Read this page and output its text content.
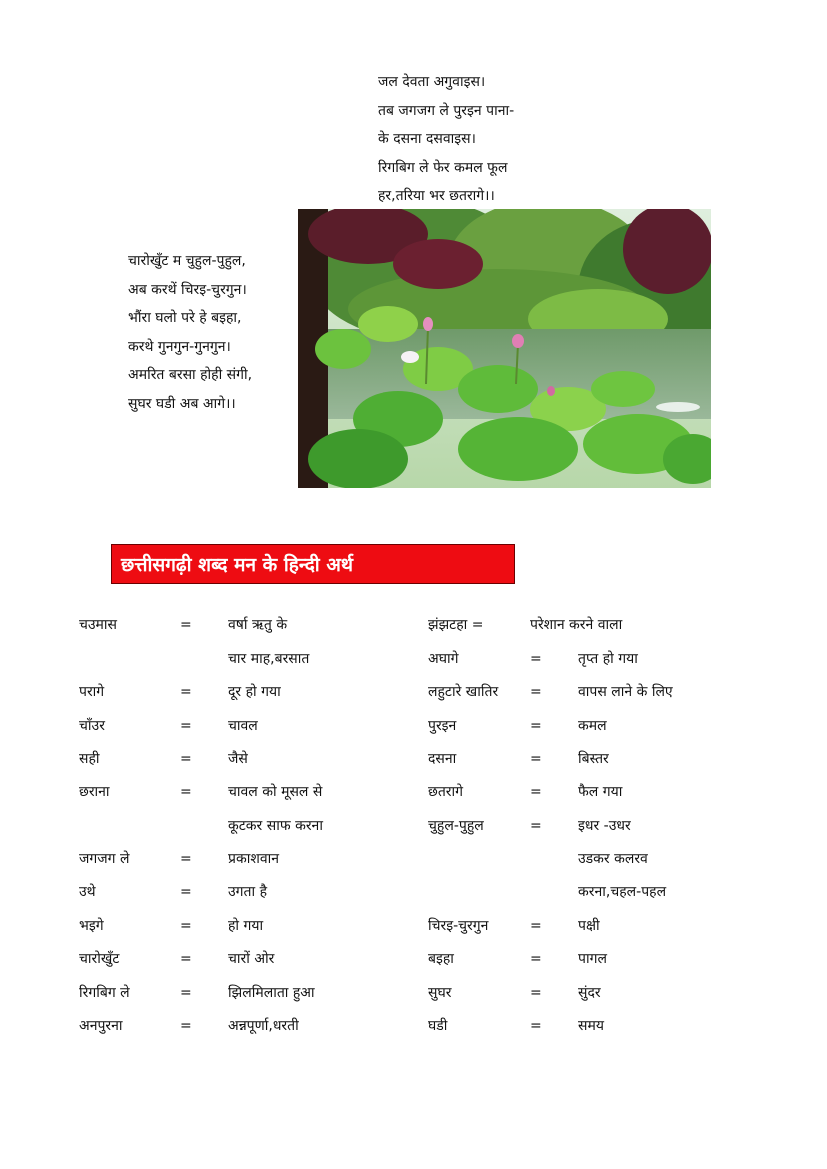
जल देवता अगुवाइस।
तब जगजग ले पुरइन पाना-
के दसना दसवाइस।
रिगबिग ले फेर कमल फूल
हर,तरिया भर छतरागे।।
चारोखुँट म चुहुल-पुहुल,
अब करथें चिरइ-चुरगुन।
भौंरा घलो परे हे बइहा,
करथे गुनगुन-गुनगुन।
अमरित बरसा होही संगी,
सुघर घडी अब आगे।।
छत्तीसगढ़ी शब्द मन के हिन्दी अर्थ
चउमास	=	वर्षा ऋतु के
चार माह,बरसात
परागे	=	दूर हो गया
चाँउर	=	चावल
सही	=	जैसे
छराना	=	चावल को मूसल से
कूटकर साफ करना
जगजग ले	=	प्रकाशवान
उथे	=	उगता है
भइगे	=	हो गया
चारोखुँट	=	चारों ओर
रिगबिग ले	=	झिलमिलाता हुआ
अनपुरना	=	अन्नपूर्णा,धरती
झंझटहा =	परेशान करने वाला
अघागे	=	तृप्त हो गया
लहुटारे खातिर =	वापस लाने के लिए
पुरइन	=	कमल
दसना	=	बिस्तर
छतरागे	=	फैल गया
चुहुल-पुहुल	=	इधर -उधर
उडकर कलरव
करना,चहल-पहल
चिरइ-चुरगुन	=	पक्षी
बइहा	=	पागल
सुघर	=	सुंदर
घडी	=	समय
